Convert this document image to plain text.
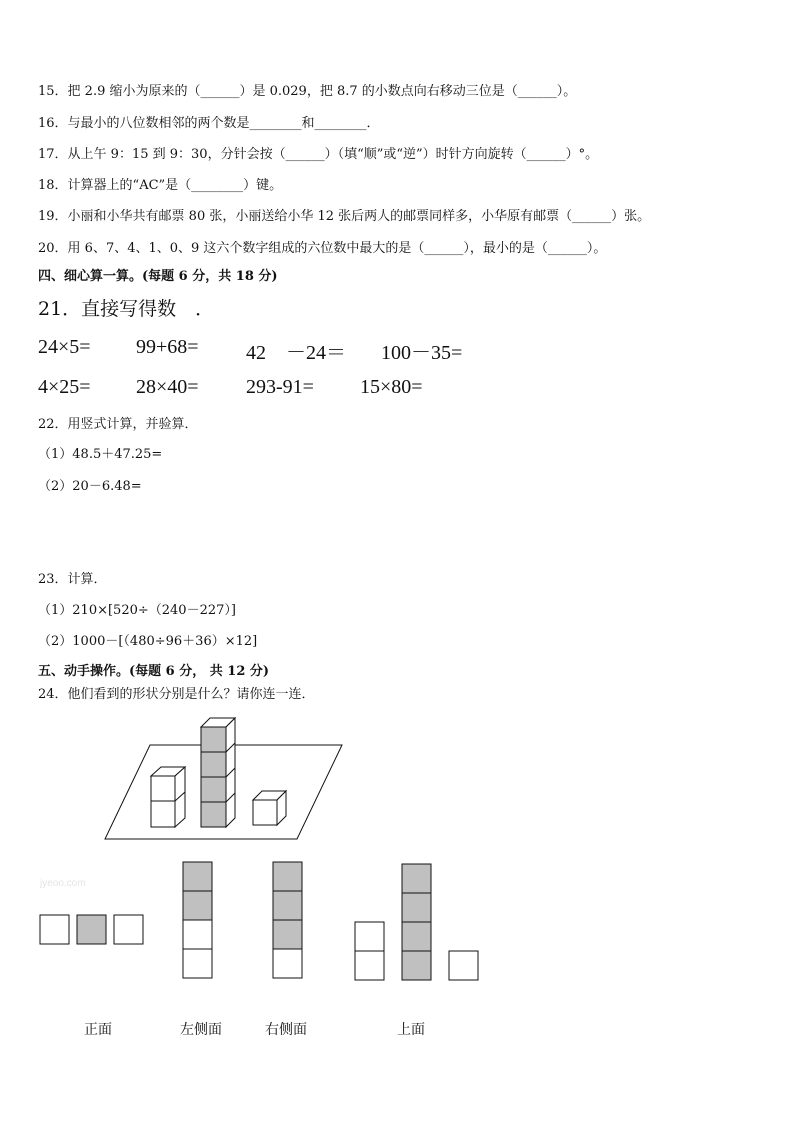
15．把 2.9 缩小为原来的（______）是 0.029，把 8.7 的小数点向右移动三位是（______）。
16．与最小的八位数相邻的两个数是________和________．
17．从上午 9：15 到 9：30，分针会按（______）（填“顺”或“逆”）时针方向旋转（______）°。
18．计算器上的“AC”是（________）键。
19．小丽和小华共有邮票 80 张，小丽送给小华 12 张后两人的邮票同样多，小华原有邮票（______）张。
20．用 6、7、4、1、0、9 这六个数字组成的六位数中最大的是（______），最小的是（______）。
四、细心算一算。(每题 6 分，共 18 分)
21．直接写得数　．
24×5= 99+68= 42　－24＝ 100－35=
4×25= 28×40= 293-91= 15×80=
22．用竖式计算，并验算．
（1）48.5＋47.25=
（2）20－6.48=
23．计算．
（1）210×[520÷（240－227）]
（2）1000－[（480÷96＋36）×12]
五、动手操作。(每题 6 分， 共 12 分)
24．他们看到的形状分别是什么？请你连一连．
jyeoo.com
正面	左侧面	右侧面	上面
